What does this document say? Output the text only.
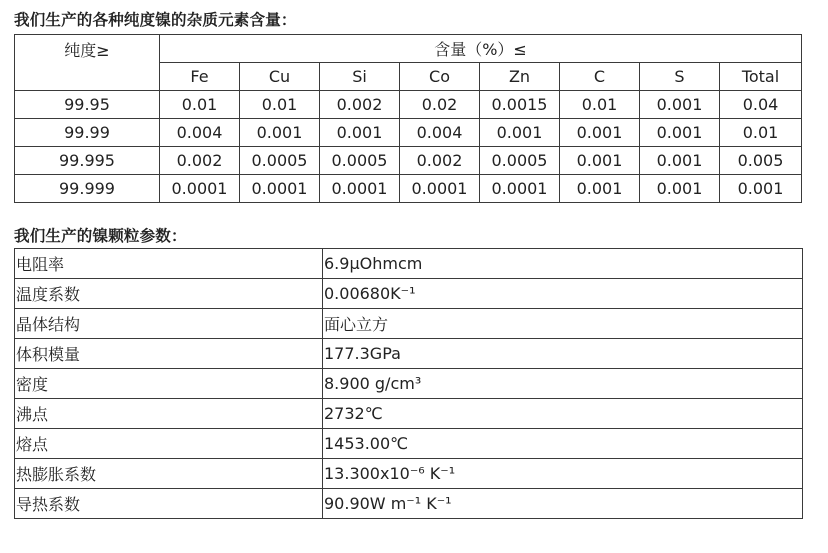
我们生产的各种纯度镍的杂质元素含量：
纯度≥	含量（%）≤							
	Fe	Cu	Si	Co	Zn	C	S	Total
99.95	0.01	0.01	0.002	0.02	0.0015	0.01	0.001	0.04
99.99	0.004	0.001	0.001	0.004	0.001	0.001	0.001	0.01
99.995	0.002	0.0005	0.0005	0.002	0.0005	0.001	0.001	0.005
99.999	0.0001	0.0001	0.0001	0.0001	0.0001	0.001	0.001	0.001
我们生产的镍颗粒参数：
电阻率	6.9μOhmcm
温度系数	0.00680K⁻¹
晶体结构	面心立方
体积模量	177.3GPa
密度	8.900 g/cm³
沸点	2732℃
熔点	1453.00℃
热膨胀系数	13.300x10⁻⁶ K⁻¹
导热系数	90.90W m⁻¹ K⁻¹
